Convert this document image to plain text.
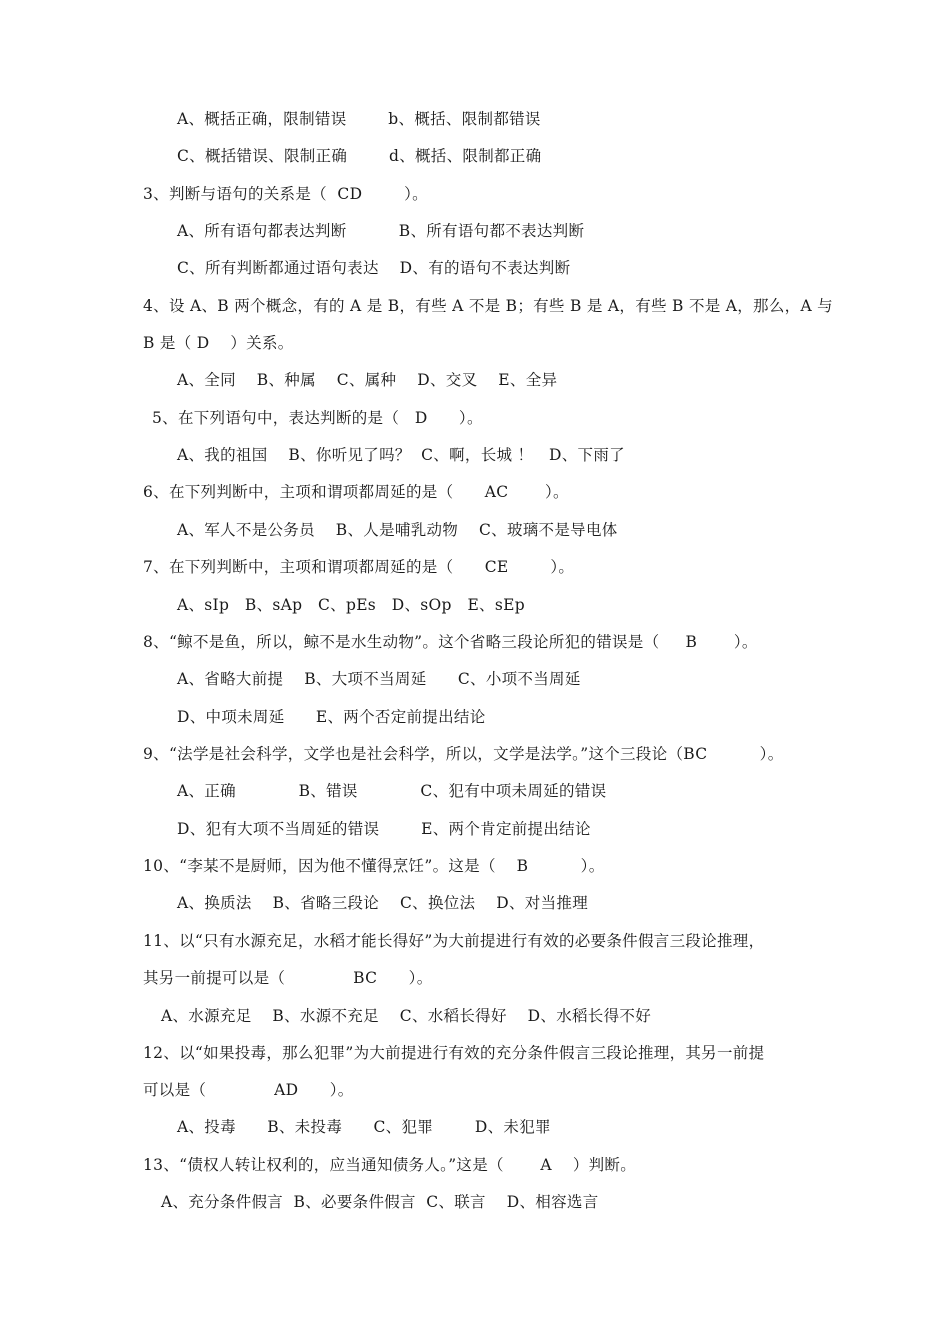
A、概括正确，限制错误        b、概括、限制都错误
C、概括错误、限制正确        d、概括、限制都正确
3、判断与语句的关系是（  CD        ）。
A、所有语句都表达判断          B、所有语句都不表达判断
C、所有判断都通过语句表达    D、有的语句不表达判断
4、设 A、B 两个概念，有的 A 是 B，有些 A 不是 B；有些 B 是 A，有些 B 不是 A，那么，A 与
B 是（ D    ）关系。
A、全同    B、种属    C、属种    D、交叉    E、全异
5、在下列语句中，表达判断的是（   D      ）。
A、我的祖国    B、你听见了吗？  C、啊，长城 ！   D、下雨了
6、在下列判断中，主项和谓项都周延的是（      AC       ）。
A、军人不是公务员    B、人是哺乳动物    C、玻璃不是导电体
7、在下列判断中，主项和谓项都周延的是（      CE        ）。
A、sIp   B、sAp   C、pEs   D、sOp   E、sEp
8、“鲸不是鱼，所以，鲸不是水生动物”。这个省略三段论所犯的错误是（     B       ）。
A、省略大前提    B、大项不当周延      C、小项不当周延
D、中项未周延      E、两个否定前提出结论
9、“法学是社会科学，文学也是社会科学，所以，文学是法学。”这个三段论（BC          ）。
A、正确            B、错误            C、犯有中项未周延的错误
D、犯有大项不当周延的错误        E、两个肯定前提出结论
10、“李某不是厨师，因为他不懂得烹饪”。这是（    B          ）。
A、换质法    B、省略三段论    C、换位法    D、对当推理
11、以“只有水源充足，水稻才能长得好”为大前提进行有效的必要条件假言三段论推理，
其另一前提可以是（             BC      ）。
A、水源充足    B、水源不充足    C、水稻长得好    D、水稻长得不好
12、以“如果投毒，那么犯罪”为大前提进行有效的充分条件假言三段论推理，其另一前提
可以是（             AD      ）。
A、投毒      B、未投毒      C、犯罪        D、未犯罪
13、“债权人转让权利的，应当通知债务人。”这是（       A    ）判断。
A、充分条件假言  B、必要条件假言  C、联言    D、相容选言
